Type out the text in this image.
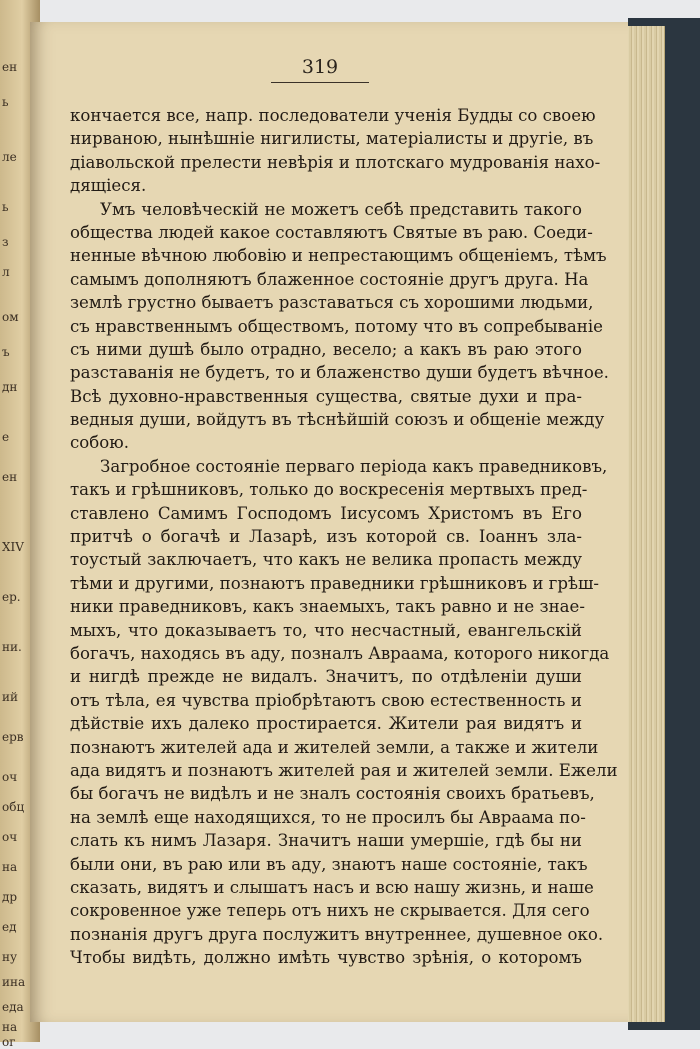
ен
ь
ле
ь
з
л
ом
ъ
дн
е
ен
XIV
ер.
ни.
ий
ерв
оч
обц
оч
на
др
ед
ну
ина
еда
на
ог
319
кончается все, напр. последователи ученія Будды со своею
нирваною, нынѣшніе нигилисты, матеріалисты и другіе, въ
діавольской прелести невѣрія и плотскаго мудрованія нахо-
дящіеся.
Умъ человѣческій не можетъ себѣ представить такого
общества людей какое составляютъ Святые въ раю. Соеди-
ненные вѣчною любовію и непрестающимъ общеніемъ, тѣмъ
самымъ дополняютъ блаженное состояніе другъ друга. На
землѣ грустно бываетъ разставаться съ хорошими людьми,
съ нравственнымъ обществомъ, потому что въ сопребываніе
съ ними душѣ было отрадно, весело; а какъ въ раю этого
разставанія не будетъ, то и блаженство души будетъ вѣчное.
Всѣ духовно-нравственныя существа, святые духи и пра-
ведныя души, войдутъ въ тѣснѣйшій союзъ и общеніе между
собою.
Загробное состояніе перваго періода какъ праведниковъ,
такъ и грѣшниковъ, только до воскресенія мертвыхъ пред-
ставлено Самимъ Господомъ Іисусомъ Христомъ въ Его
притчѣ о богачѣ и Лазарѣ, изъ которой св. Іоаннъ зла-
тоустый заключаетъ, что какъ не велика пропасть между
тѣми и другими, познаютъ праведники грѣшниковъ и грѣш-
ники праведниковъ, какъ знаемыхъ, такъ равно и не знае-
мыхъ, что доказываетъ то, что несчастный, евангельскій
богачъ, находясь въ аду, позналъ Авраама, которого никогда
и нигдѣ прежде не видалъ. Значитъ, по отдѣленіи души
отъ тѣла, ея чувства пріобрѣтаютъ свою естественность и
дѣйствіе ихъ далеко простирается. Жители рая видятъ и
познаютъ жителей ада и жителей земли, а также и жители
ада видятъ и познаютъ жителей рая и жителей земли. Ежели
бы богачъ не видѣлъ и не зналъ состоянія своихъ братьевъ,
на землѣ еще находящихся, то не просилъ бы Авраама по-
слать къ нимъ Лазаря. Значитъ наши умершіе, гдѣ бы ни
были они, въ раю или въ аду, знаютъ наше состояніе, такъ
сказать, видятъ и слышатъ насъ и всю нашу жизнь, и наше
сокровенное уже теперь отъ нихъ не скрывается. Для сего
познанія другъ друга послужитъ внутреннее, душевное око.
Чтобы видѣть, должно имѣть чувство зрѣнія, о которомъ
